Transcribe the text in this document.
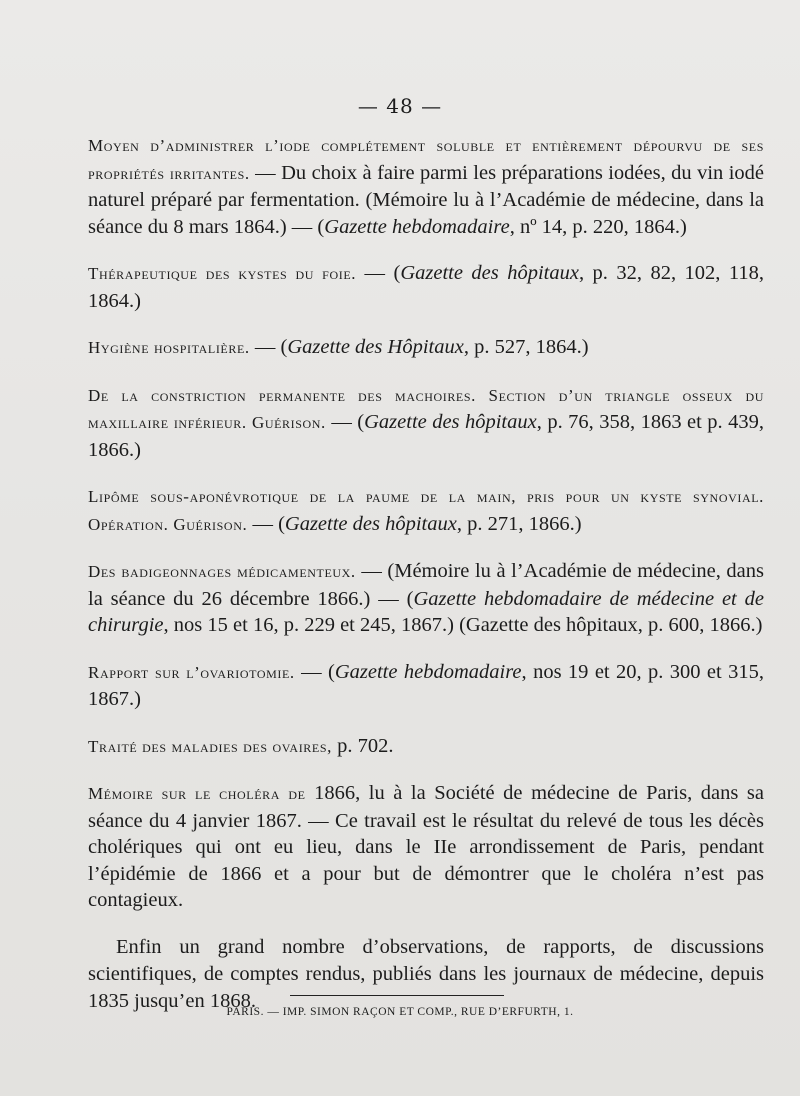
— 48 —

Moyen d’administrer l’iode complétement soluble et entièrement dépourvu de ses propriétés irritantes. — Du choix à faire parmi les préparations iodées, du vin iodé naturel préparé par fermentation. (Mémoire lu à l’Académie de médecine, dans la séance du 8 mars 1864.) — (Gazette hebdomadaire, nº 14, p. 220, 1864.)

Thérapeutique des kystes du foie. — (Gazette des hôpitaux, p. 32, 82, 102, 118, 1864.)

Hygiène hospitalière. — (Gazette des Hôpitaux, p. 527, 1864.)

De la constriction permanente des machoires. Section d’un triangle osseux du maxillaire inférieur. Guérison. — (Gazette des hôpitaux, p. 76, 358, 1863 et p. 439, 1866.)

Lipôme sous-aponévrotique de la paume de la main, pris pour un kyste synovial. Opération. Guérison. — (Gazette des hôpitaux, p. 271, 1866.)

Des badigeonnages médicamenteux. — (Mémoire lu à l’Académie de médecine, dans la séance du 26 décembre 1866.) — (Gazette hebdomadaire de médecine et de chirurgie, nos 15 et 16, p. 229 et 245, 1867.) (Gazette des hôpitaux, p. 600, 1866.)

Rapport sur l’ovariotomie. — (Gazette hebdomadaire, nos 19 et 20, p. 300 et 315, 1867.)

Traité des maladies des ovaires, p. 702.

Mémoire sur le choléra de 1866, lu à la Société de médecine de Paris, dans sa séance du 4 janvier 1867. — Ce travail est le résultat du relevé de tous les décès cholériques qui ont eu lieu, dans le IIe arrondissement de Paris, pendant l’épidémie de 1866 et a pour but de démontrer que le choléra n’est pas contagieux.

Enfin un grand nombre d’observations, de rapports, de discussions scientifiques, de comptes rendus, publiés dans les journaux de médecine, depuis 1835 jusqu’en 1868.

PARIS. — IMP. SIMON RAÇON ET COMP., RUE D’ERFURTH, 1.
